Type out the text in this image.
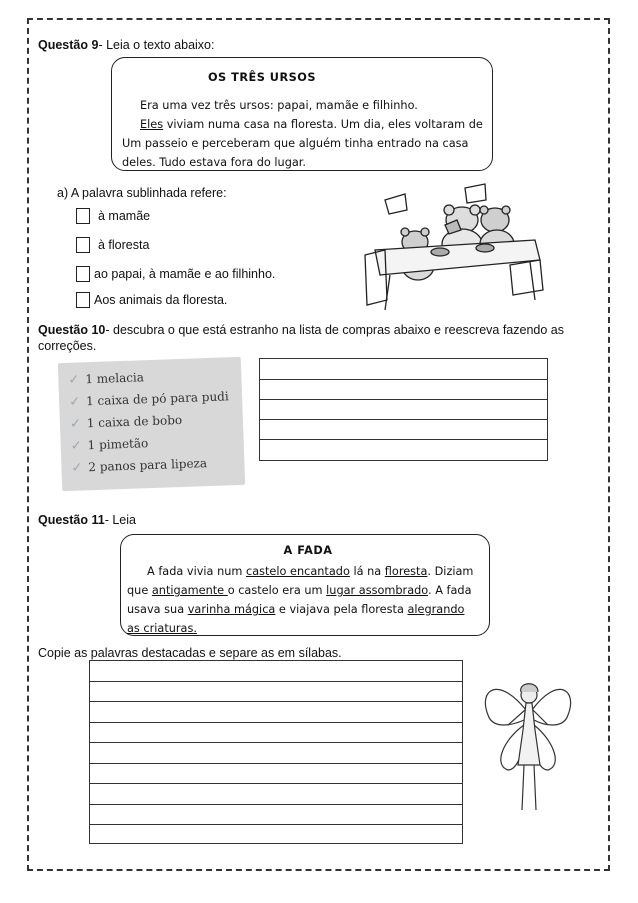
Questão 9- Leia o texto abaixo:

OS TRÊS URSOS

Era uma vez três ursos: papai, mamãe e filhinho.

Eles viviam numa casa na floresta. Um dia, eles voltaram de

Um passeio e perceberam que alguém tinha entrado na casa

deles. Tudo estava fora do lugar.

a) A palavra sublinhada refere:
à mamãe
à floresta
ao papai, à mamãe e ao filhinho.
Aos animais da floresta.
Questão 10- descubra o que está estranho na lista de compras abaixo e reescreva fazendo as correções.
✓ 1 melacia
✓ 1 caixa de pó para pudi
✓ 1 caixa de bobo
✓ 1 pimetão
✓ 2 panos para lipeza
Questão 11- Leia

A FADA

A fada vivia num castelo encantado lá na floresta. Diziam

que antigamente o castelo era um lugar assombrado. A fada

usava sua varinha mágica e viajava pela floresta alegrando

as criaturas.

Copie as palavras destacadas e separe as em sílabas.
